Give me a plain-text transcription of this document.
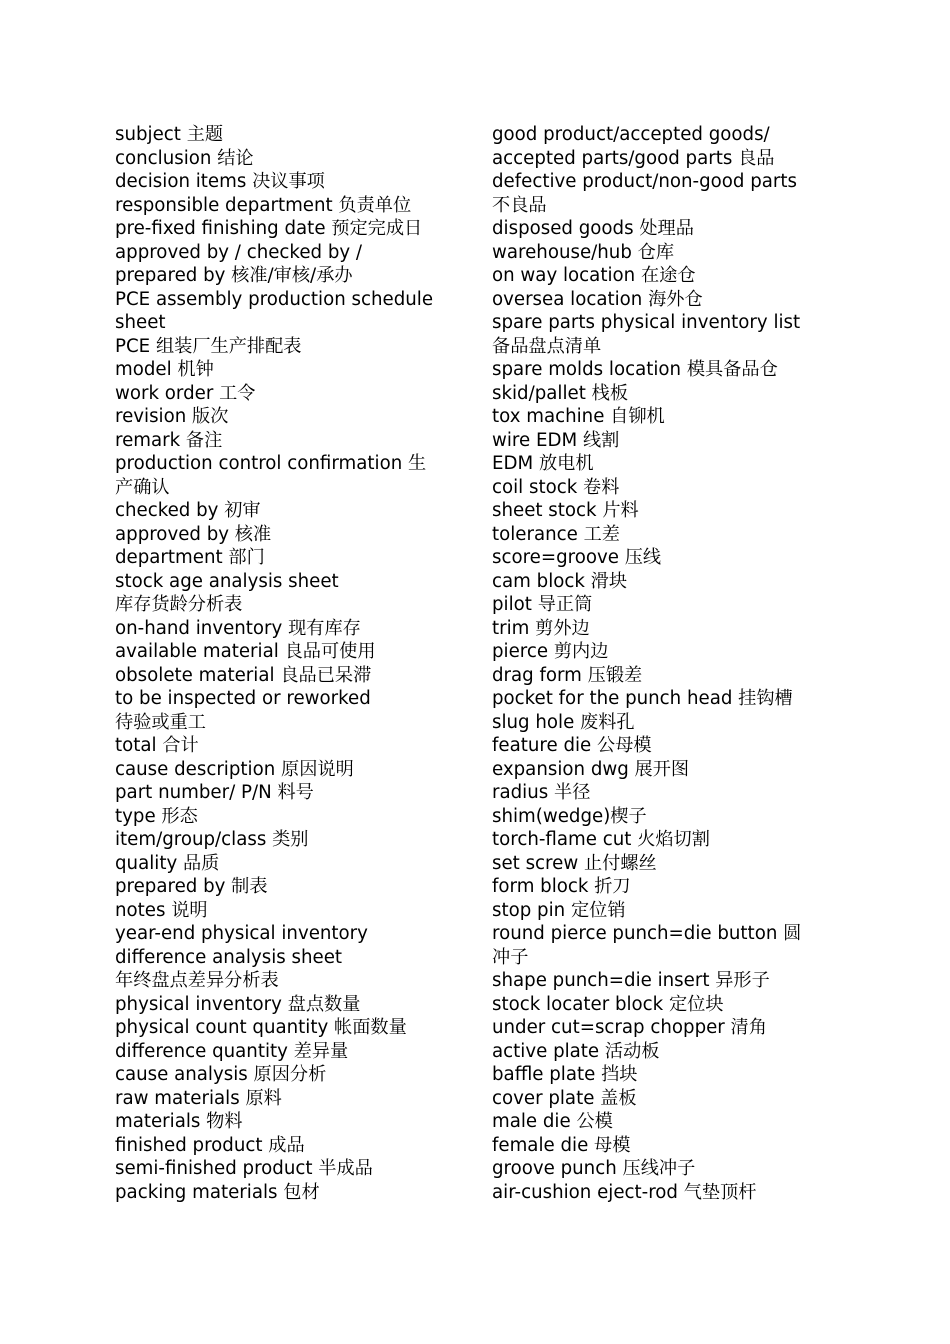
subject 主题

conclusion 结论

decision items 决议事项

responsible department 负责单位

pre-fixed finishing date 预定完成日

approved by / checked by /
prepared by 核准/审核/承办

PCE assembly production schedule
sheet

PCE 组装厂生产排配表

model 机钟

work order 工令

revision 版次

remark 备注

production control confirmation 生
产确认

checked by 初审

approved by 核准

department 部门

stock age analysis sheet
库存货龄分析表

on-hand inventory 现有库存

available material 良品可使用

obsolete material 良品已呆滞

to be inspected or reworked
待验或重工

total 合计

cause description 原因说明

part number/ P/N 料号

type 形态

item/group/class 类别

quality 品质

prepared by 制表

notes 说明

year-end physical inventory
difference analysis sheet
年终盘点差异分析表

physical inventory 盘点数量

physical count quantity 帐面数量

difference quantity 差异量

cause analysis 原因分析

raw materials 原料

materials 物料

finished product 成品

semi-finished product 半成品

packing materials 包材

good product/accepted goods/
accepted parts/good parts 良品

defective product/non-good parts
不良品

disposed goods 处理品

warehouse/hub 仓库

on way location 在途仓

oversea location 海外仓

spare parts physical inventory list
备品盘点清单

spare molds location 模具备品仓

skid/pallet 栈板

tox machine 自铆机

wire EDM 线割

EDM 放电机

coil stock 卷料

sheet stock 片料

tolerance 工差

score=groove 压线

cam block 滑块

pilot 导正筒

trim 剪外边

pierce 剪内边

drag form 压锻差

pocket for the punch head 挂钩槽

slug hole 废料孔

feature die 公母模

expansion dwg 展开图

radius 半径

shim(wedge)楔子

torch-flame cut 火焰切割

set screw 止付螺丝

form block 折刀

stop pin 定位销

round pierce punch=die button 圆
冲子

shape punch=die insert 异形子

stock locater block 定位块

under cut=scrap chopper 清角

active plate 活动板

baffle plate 挡块

cover plate 盖板

male die 公模

female die 母模

groove punch 压线冲子

air-cushion eject-rod 气垫顶杆
